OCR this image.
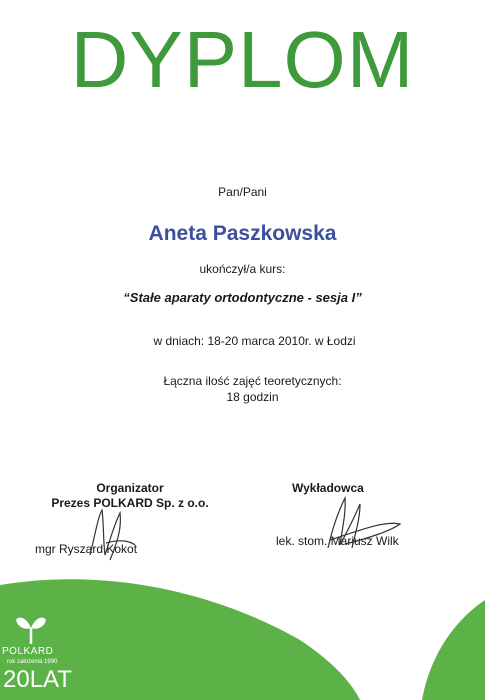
DYPLOM
Pan/Pani
Aneta Paszkowska
ukończył/a kurs:
“Stałe aparaty ortodontyczne - sesja I”
w dniach: 18-20 marca 2010r. w Łodzi
Łączna ilość zajęć teoretycznych:
18 godzin
Organizator
Prezes POLKARD Sp. z o.o.
mgr Ryszard Kokot
Wykładowca
lek. stom. Mariusz Wilk
POLKARD
rok założenia 1990
20LAT
